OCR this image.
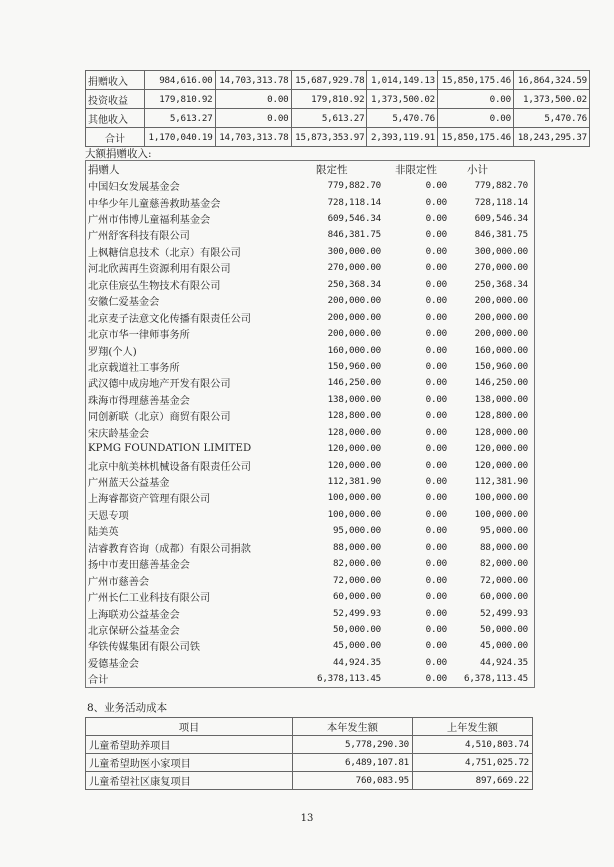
捐赠收入	984,616.00	14,703,313.78	15,687,929.78	1,014,149.13	15,850,175.46	16,864,324.59
投资收益	179,810.92	0.00	179,810.92	1,373,500.02	0.00	1,373,500.02
其他收入	5,613.27	0.00	5,613.27	5,470.76	0.00	5,470.76
合计	1,170,040.19	14,703,313.78	15,873,353.97	2,393,119.91	15,850,175.46	18,243,295.37
大额捐赠收入:
捐赠人	限定性	非限定性	小计
中国妇女发展基金会	779,882.70	0.00	779,882.70
中华少年儿童慈善救助基金会	728,118.14	0.00	728,118.14
广州市伟博儿童福利基金会	609,546.34	0.00	609,546.34
广州舒客科技有限公司	846,381.75	0.00	846,381.75
上枫糖信息技术（北京）有限公司	300,000.00	0.00	300,000.00
河北欣茜再生资源利用有限公司	270,000.00	0.00	270,000.00
北京佳宸弘生物技术有限公司	250,368.34	0.00	250,368.34
安徽仁爱基金会	200,000.00	0.00	200,000.00
北京麦子法意文化传播有限责任公司	200,000.00	0.00	200,000.00
北京市华一律师事务所	200,000.00	0.00	200,000.00
罗翔(个人)	160,000.00	0.00	160,000.00
北京载道社工事务所	150,960.00	0.00	150,960.00
武汉德中成房地产开发有限公司	146,250.00	0.00	146,250.00
珠海市得理慈善基金会	138,000.00	0.00	138,000.00
同创新联（北京）商贸有限公司	128,800.00	0.00	128,800.00
宋庆龄基金会	128,000.00	0.00	128,000.00
KPMG FOUNDATION LIMITED	120,000.00	0.00	120,000.00
北京中航美林机械设备有限责任公司	120,000.00	0.00	120,000.00
广州蓝天公益基金	112,381.90	0.00	112,381.90
上海睿都资产管理有限公司	100,000.00	0.00	100,000.00
天恩专项	100,000.00	0.00	100,000.00
陆美英	95,000.00	0.00	95,000.00
洁睿教育咨询（成都）有限公司捐款	88,000.00	0.00	88,000.00
扬中市麦田慈善基金会	82,000.00	0.00	82,000.00
广州市慈善会	72,000.00	0.00	72,000.00
广州长仁工业科技有限公司	60,000.00	0.00	60,000.00
上海联劝公益基金会	52,499.93	0.00	52,499.93
北京保研公益基金会	50,000.00	0.00	50,000.00
华铁传媒集团有限公司铁	45,000.00	0.00	45,000.00
爱德基金会	44,924.35	0.00	44,924.35
合计	6,378,113.45	0.00	6,378,113.45
8、业务活动成本
项目	本年发生额	上年发生额
儿童希望助养项目	5,778,290.30	4,510,803.74
儿童希望助医小家项目	6,489,107.81	4,751,025.72
儿童希望社区康复项目	760,083.95	897,669.22
13
